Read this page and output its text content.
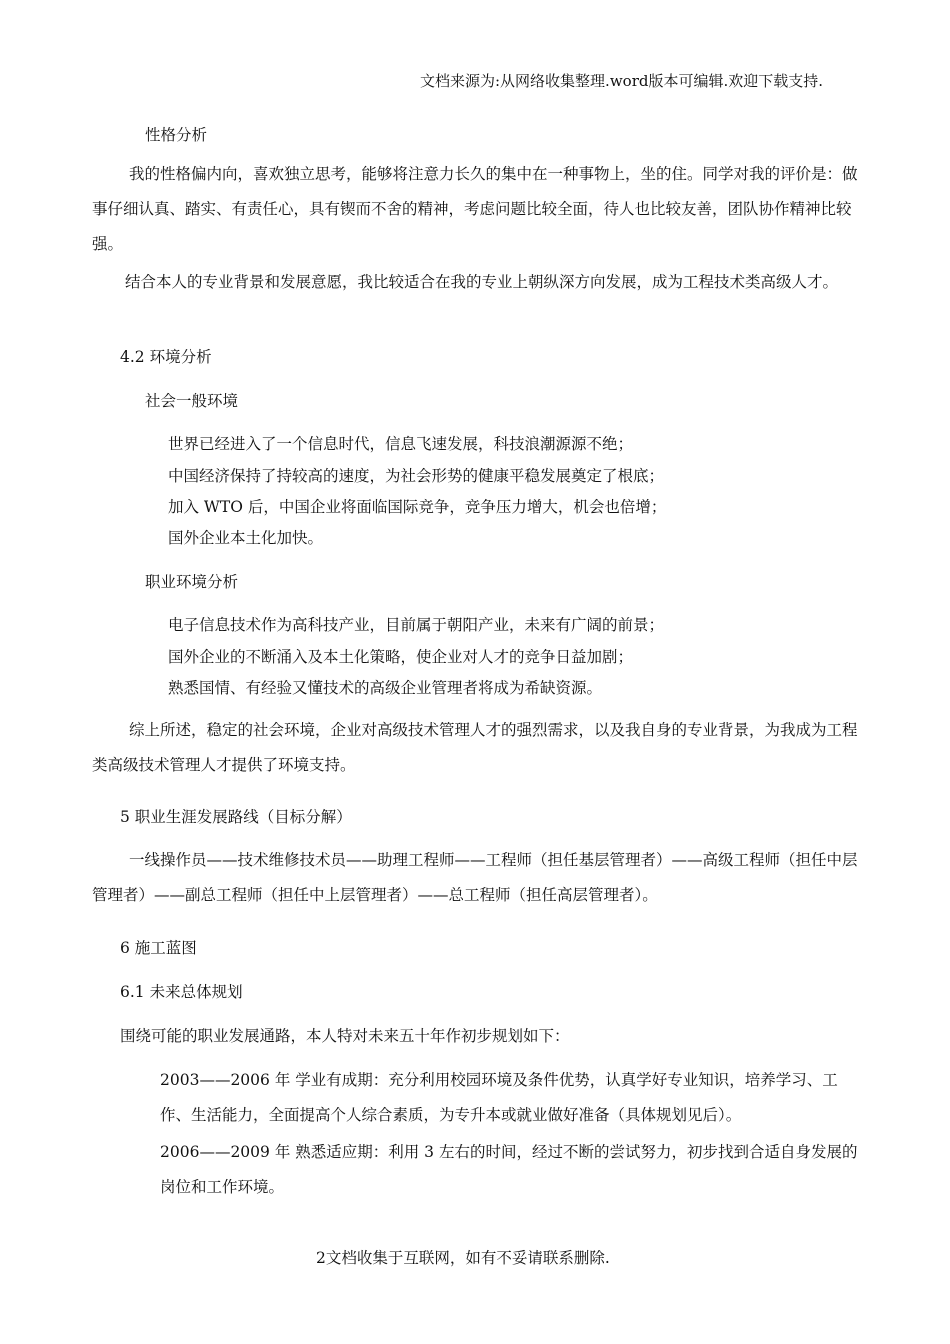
文档来源为:从网络收集整理.word版本可编辑.欢迎下载支持.
性格分析

我的性格偏内向，喜欢独立思考，能够将注意力长久的集中在一种事物上，坐的住。同学对我的评价是：做事仔细认真、踏实、有责任心，具有锲而不舍的精神，考虑问题比较全面，待人也比较友善，团队协作精神比较强。

结合本人的专业背景和发展意愿，我比较适合在我的专业上朝纵深方向发展，成为工程技术类高级人才。

4.2 环境分析
社会一般环境
世界已经进入了一个信息时代，信息飞速发展，科技浪潮源源不绝；
中国经济保持了持较高的速度，为社会形势的健康平稳发展奠定了根底；
加入 WTO 后，中国企业将面临国际竞争，竞争压力增大，机会也倍增；
国外企业本土化加快。
职业环境分析
电子信息技术作为高科技产业，目前属于朝阳产业，未来有广阔的前景；
国外企业的不断涌入及本土化策略，使企业对人才的竞争日益加剧；
熟悉国情、有经验又懂技术的高级企业管理者将成为希缺资源。

综上所述，稳定的社会环境，企业对高级技术管理人才的强烈需求，以及我自身的专业背景，为我成为工程类高级技术管理人才提供了环境支持。

5 职业生涯发展路线（目标分解）

一线操作员——技术维修技术员——助理工程师——工程师（担任基层管理者）——高级工程师（担任中层管理者）——副总工程师（担任中上层管理者）——总工程师（担任高层管理者）。

6 施工蓝图
6.1 未来总体规划
围绕可能的职业发展通路，本人特对未来五十年作初步规划如下：

2003——2006 年 学业有成期：充分利用校园环境及条件优势，认真学好专业知识，培养学习、工作、生活能力，全面提高个人综合素质，为专升本或就业做好准备（具体规划见后）。

2006——2009 年 熟悉适应期：利用 3 左右的时间，经过不断的尝试努力，初步找到合适自身发展的岗位和工作环境。

2文档收集于互联网，如有不妥请联系删除.
